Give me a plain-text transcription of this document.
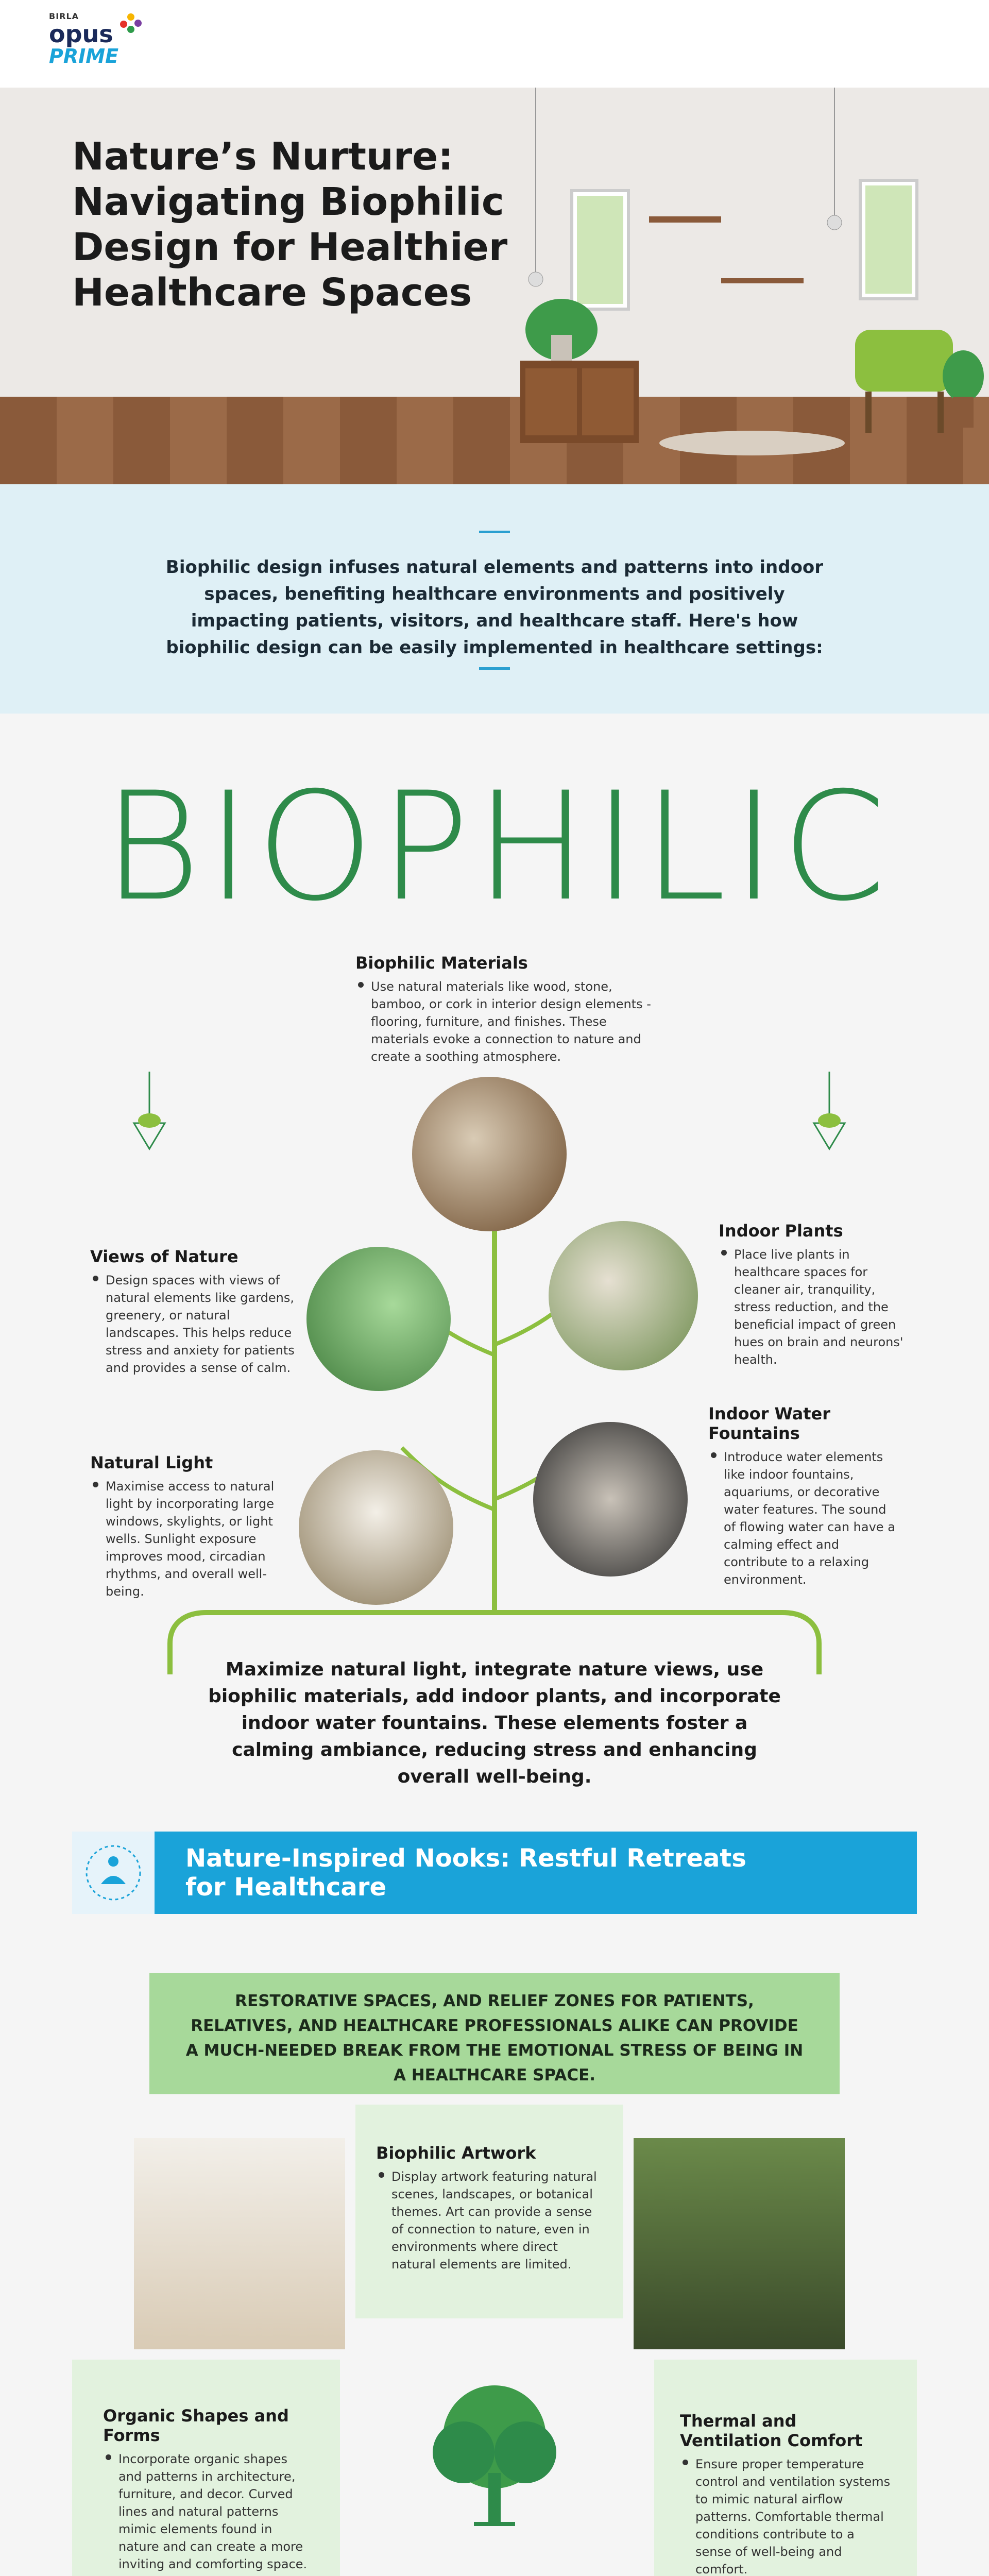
BIRLA
opus
PRIME
Nature’s Nurture: Navigating Biophilic Design for Healthier Healthcare Spaces
Biophilic design infuses natural elements and patterns into indoor spaces, benefiting healthcare environments and positively impacting patients, visitors, and healthcare staff. Here's how biophilic design can be easily implemented in healthcare settings:
B I O P H I L I C
Biophilic Materials
Use natural materials like wood, stone, bamboo, or cork in interior design elements - flooring, furniture, and finishes. These materials evoke a connection to nature and create a soothing atmosphere.
Views of Nature
Design spaces with views of natural elements like gardens, greenery, or natural landscapes. This helps reduce stress and anxiety for patients and provides a sense of calm.
Indoor Plants
Place live plants in healthcare spaces for cleaner air, tranquility, stress reduction, and the beneficial impact of green hues on brain and neurons' health.
Natural Light
Maximise access to natural light by incorporating large windows, skylights, or light wells. Sunlight exposure improves mood, circadian rhythms, and overall well-being.
Indoor Water Fountains
Introduce water elements like indoor fountains, aquariums, or decorative water features. The sound of flowing water can have a calming effect and contribute to a relaxing environment.
Maximize natural light, integrate nature views, use biophilic materials, add indoor plants, and incorporate indoor water fountains. These elements foster a calming ambiance, reducing stress and enhancing overall well-being.
Nature-Inspired Nooks: Restful Retreats for Healthcare
RESTORATIVE SPACES, AND RELIEF ZONES FOR PATIENTS, RELATIVES, AND HEALTHCARE PROFESSIONALS ALIKE CAN PROVIDE A MUCH-NEEDED BREAK FROM THE EMOTIONAL STRESS OF BEING IN A HEALTHCARE SPACE.
Biophilic Artwork
Display artwork featuring natural scenes, landscapes, or botanical themes. Art can provide a sense of connection to nature, even in environments where direct natural elements are limited.
Organic Shapes and Forms
Incorporate organic shapes and patterns in architecture, furniture, and decor. Curved lines and natural patterns mimic elements found in nature and can create a more inviting and comforting space.
Thermal and Ventilation Comfort
Ensure proper temperature control and ventilation systems to mimic natural airflow patterns. Comfortable thermal conditions contribute to a sense of well-being and comfort.
